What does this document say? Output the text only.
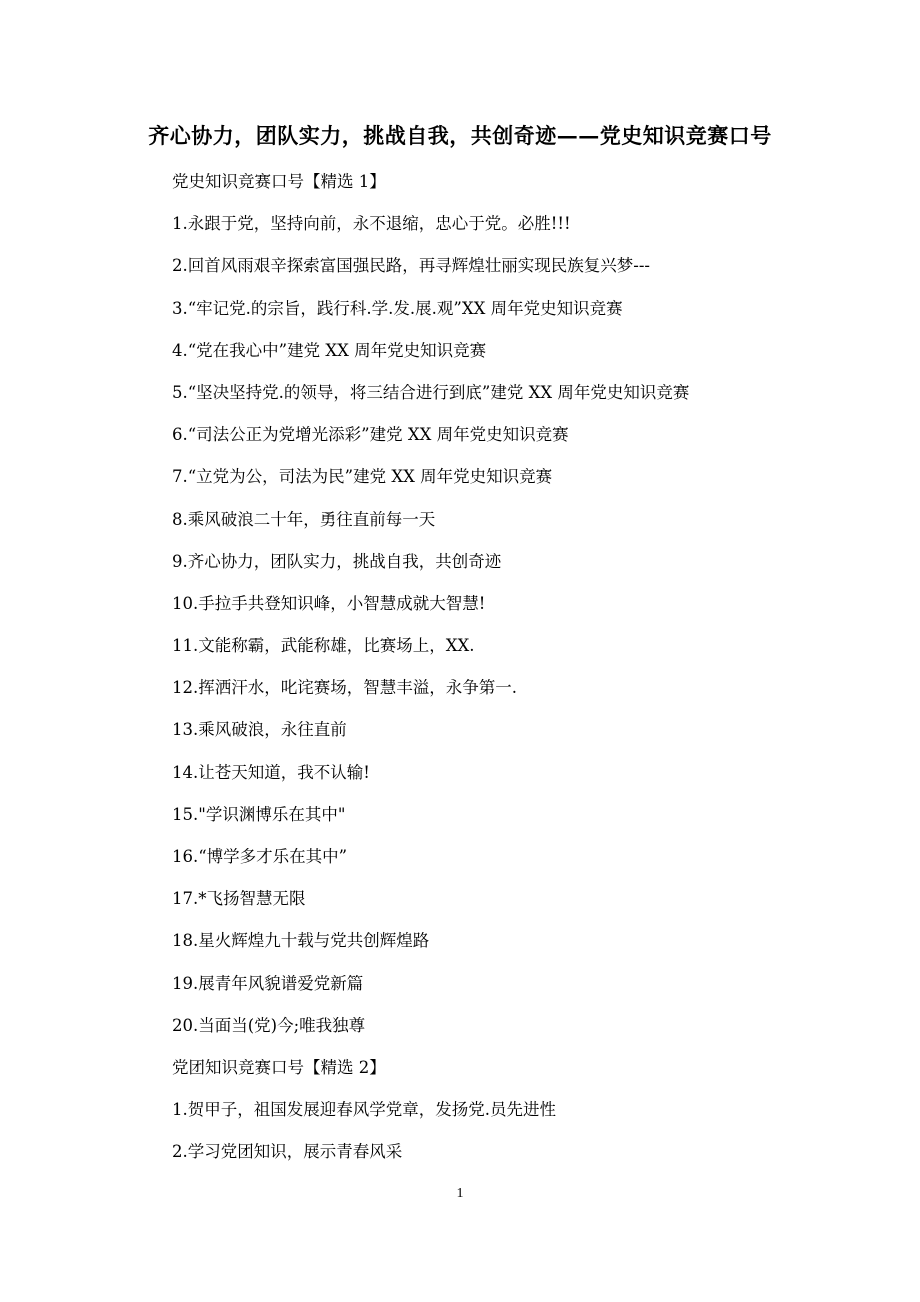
齐心协力，团队实力，挑战自我，共创奇迹——党史知识竞赛口号
党史知识竞赛口号【精选 1】
1.永跟于党，坚持向前，永不退缩，忠心于党。必胜!!!
2.回首风雨艰辛探索富国强民路，再寻辉煌壮丽实现民族复兴梦---
3.“牢记党.的宗旨，践行科.学.发.展.观”XX 周年党史知识竞赛
4.“党在我心中”建党 XX 周年党史知识竞赛
5.“坚决坚持党.的领导，将三结合进行到底”建党 XX 周年党史知识竞赛
6.“司法公正为党增光添彩”建党 XX 周年党史知识竞赛
7.“立党为公，司法为民”建党 XX 周年党史知识竞赛
8.乘风破浪二十年，勇往直前每一天
9.齐心协力，团队实力，挑战自我，共创奇迹
10.手拉手共登知识峰，小智慧成就大智慧!
11.文能称霸，武能称雄，比赛场上，XX.
12.挥洒汗水，叱诧赛场，智慧丰溢，永争第一.
13.乘风破浪，永往直前
14.让苍天知道，我不认输!
15."学识渊博乐在其中"
16.“博学多才乐在其中”
17.*飞扬智慧无限
18.星火辉煌九十载与党共创辉煌路
19.展青年风貌谱爱党新篇
20.当面当(党)今;唯我独尊
党团知识竞赛口号【精选 2】
1.贺甲子，祖国发展迎春风学党章，发扬党.员先进性
2.学习党团知识，展示青春风采
1
